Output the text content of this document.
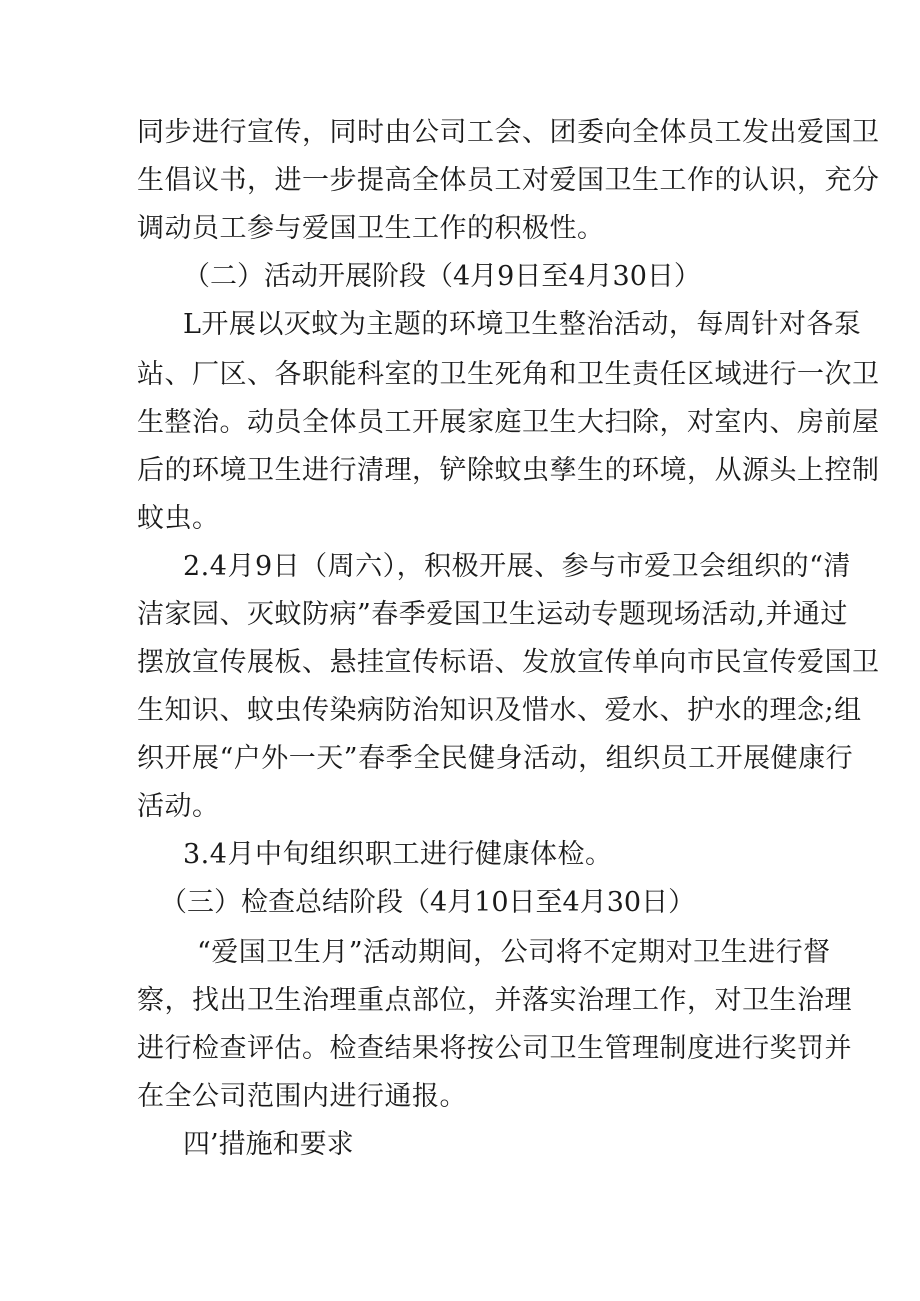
同步进行宣传，同时由公司工会、团委向全体员工发出爱国卫
生倡议书，进一步提高全体员工对爱国卫生工作的认识，充分
调动员工参与爱国卫生工作的积极性。
（二）活动开展阶段（4月9日至4月30日）
L开展以灭蚊为主题的环境卫生整治活动，每周针对各泵
站、厂区、各职能科室的卫生死角和卫生责任区域进行一次卫
生整治。动员全体员工开展家庭卫生大扫除，对室内、房前屋
后的环境卫生进行清理，铲除蚊虫孳生的环境，从源头上控制
蚊虫。
2.4月9日（周六），积极开展、参与市爱卫会组织的“清
洁家园、灭蚊防病”春季爱国卫生运动专题现场活动,并通过
摆放宣传展板、悬挂宣传标语、发放宣传单向市民宣传爱国卫
生知识、蚊虫传染病防治知识及惜水、爱水、护水的理念;组
织开展“户外一天”春季全民健身活动，组织员工开展健康行
活动。
3.4月中旬组织职工进行健康体检。
（三）检查总结阶段（4月10日至4月30日）
“爱国卫生月”活动期间，公司将不定期对卫生进行督
察，找出卫生治理重点部位，并落实治理工作，对卫生治理
进行检查评估。检查结果将按公司卫生管理制度进行奖罚并
在全公司范围内进行通报。
四’措施和要求
